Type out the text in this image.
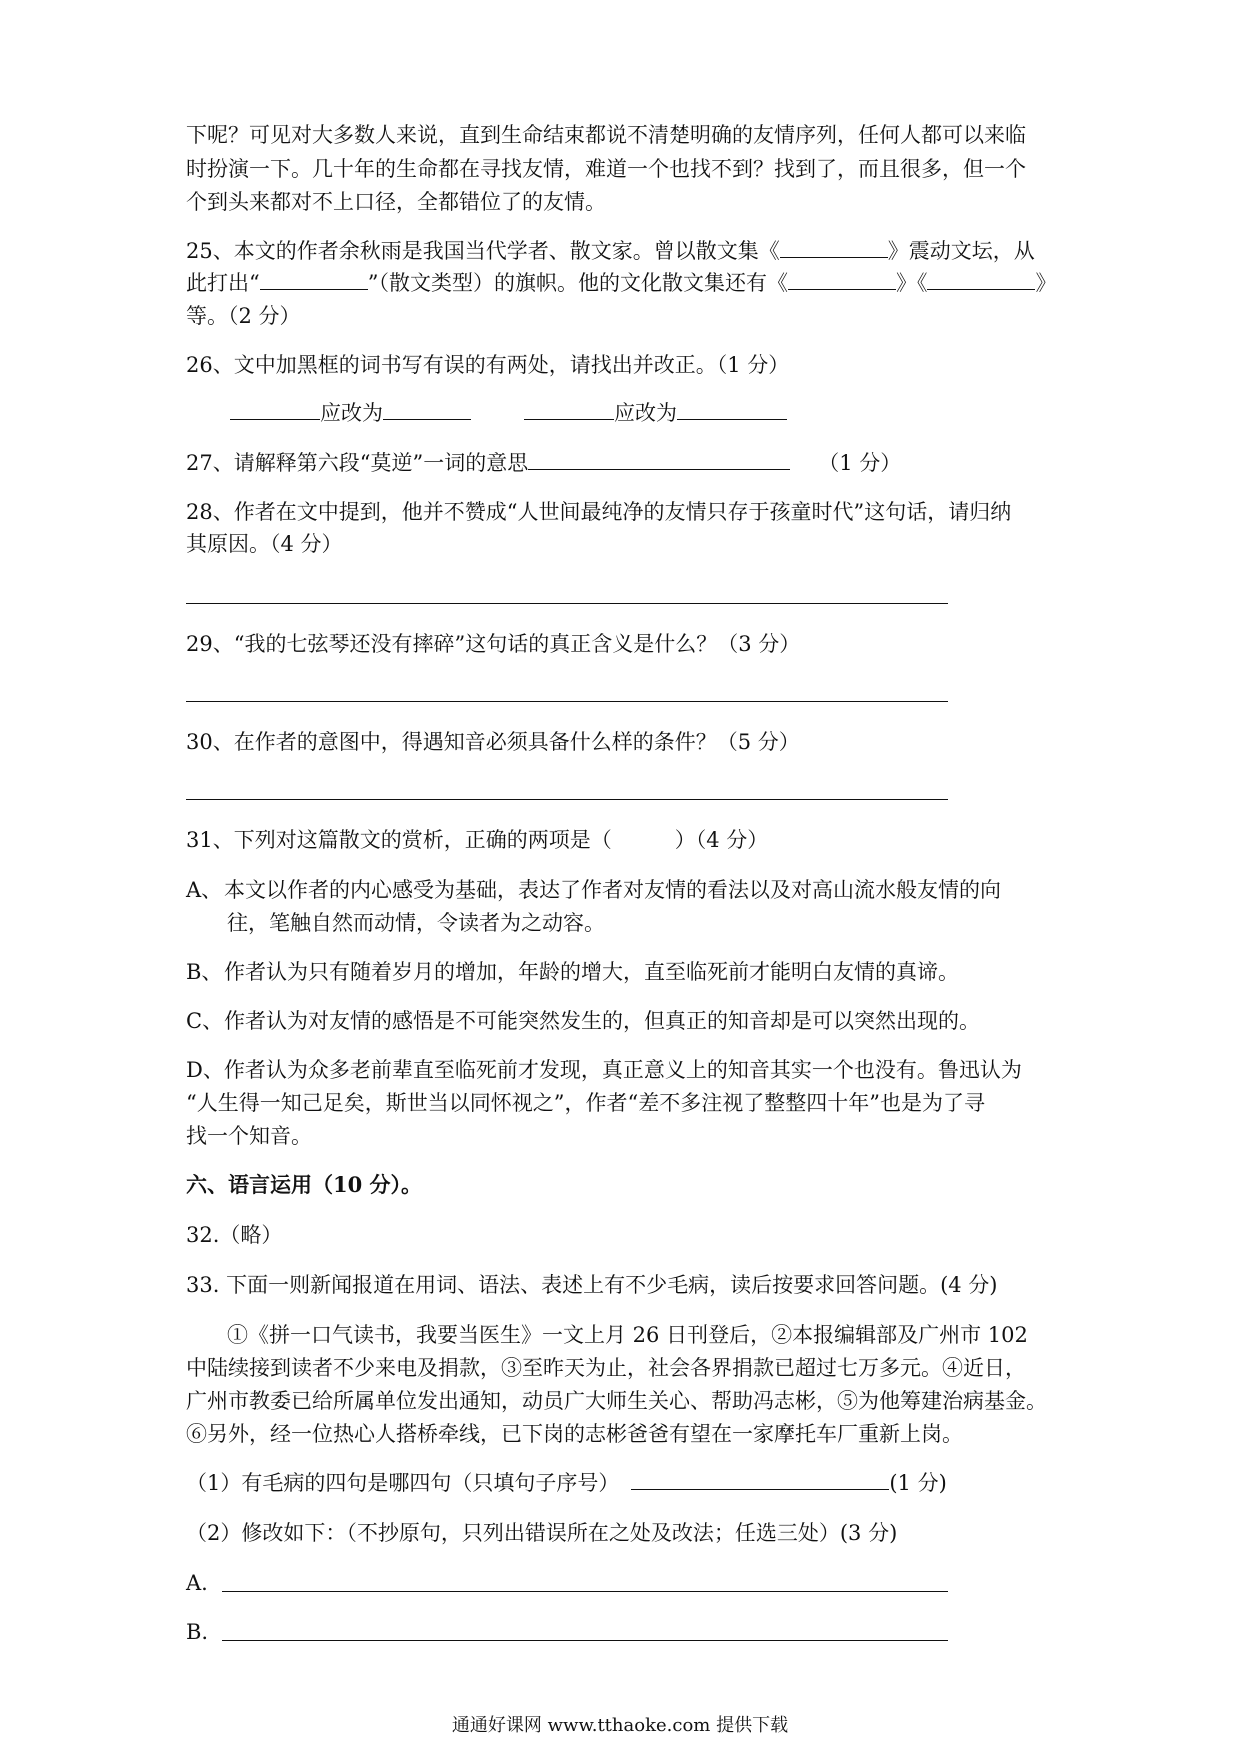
下呢？可见对大多数人来说，直到生命结束都说不清楚明确的友情序列，任何人都可以来临
时扮演一下。几十年的生命都在寻找友情，难道一个也找不到？找到了，而且很多，但一个
个到头来都对不上口径，全都错位了的友情。
25、本文的作者余秋雨是我国当代学者、散文家。曾以散文集《	》震动文坛，从
此打出“	”（散文类型）的旗帜。他的文化散文集还有《	》《	》
等。（2 分）
26、文中加黑框的词书写有误的有两处，请找出并改正。（1 分）
应改为	应改为
27、请解释第六段“莫逆”一词的意思	（1 分）
28、作者在文中提到，他并不赞成“人世间最纯净的友情只存于孩童时代”这句话，请归纳
其原因。（4 分）
29、“我的七弦琴还没有摔碎”这句话的真正含义是什么？（3 分）
30、在作者的意图中，得遇知音必须具备什么样的条件？（5 分）
31、下列对这篇散文的赏析，正确的两项是（　　　）（4 分）
A、本文以作者的内心感受为基础，表达了作者对友情的看法以及对高山流水般友情的向
往，笔触自然而动情，令读者为之动容。
B、作者认为只有随着岁月的增加，年龄的增大，直至临死前才能明白友情的真谛。
C、作者认为对友情的感悟是不可能突然发生的，但真正的知音却是可以突然出现的。
D、作者认为众多老前辈直至临死前才发现，真正意义上的知音其实一个也没有。鲁迅认为
“人生得一知己足矣，斯世当以同怀视之”，作者“差不多注视了整整四十年”也是为了寻
找一个知音。
六、语言运用（10 分）。
32.（略）
33. 下面一则新闻报道在用词、语法、表述上有不少毛病，读后按要求回答问题。(4 分)
①《拼一口气读书，我要当医生》一文上月 26 日刊登后，②本报编辑部及广州市 102
中陆续接到读者不少来电及捐款，③至昨天为止，社会各界捐款已超过七万多元。④近日，
广州市教委已给所属单位发出通知，动员广大师生关心、帮助冯志彬，⑤为他筹建治病基金。
⑥另外，经一位热心人搭桥牵线，已下岗的志彬爸爸有望在一家摩托车厂重新上岗。
（1）有毛病的四句是哪四句（只填句子序号）	(1 分)
（2）修改如下：（不抄原句，只列出错误所在之处及改法；任选三处）(3 分)
A.
B.
通通好课网 www.tthaoke.com 提供下载
